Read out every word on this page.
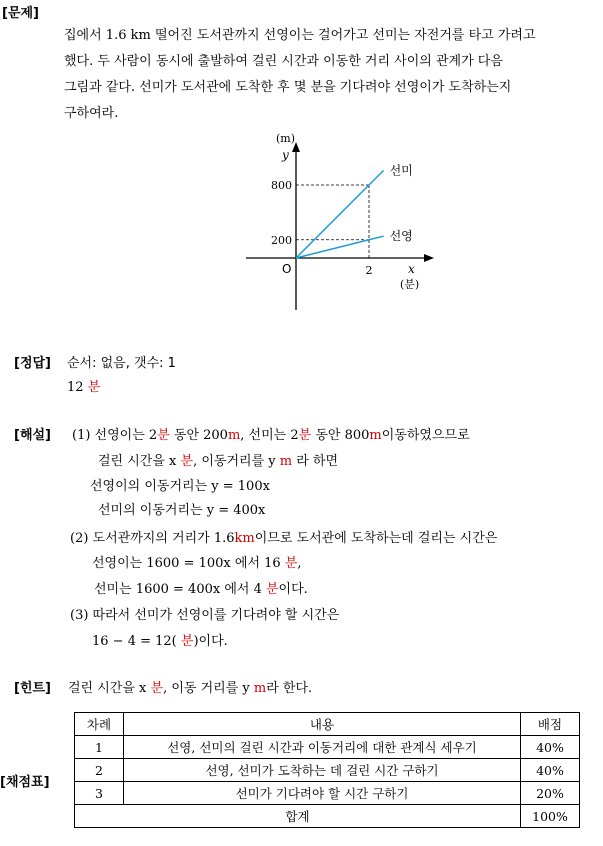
[문제]
집에서 1.6 km 떨어진 도서관까지 선영이는 걸어가고 선미는 자전거를 타고 가려고
했다. 두 사람이 동시에 출발하여 걸린 시간과 이동한 거리 사이의 관계가 다음
그림과 같다. 선미가 도서관에 도착한 후 몇 분을 기다려야 선영이가 도착하는지
구하여라.
800
200
2
선미
선영
(m)
y
O	x
(분)
[정답] 순서: 없음, 갯수: 1
12 분
[해설] (1) 선영이는 2분 동안 200m, 선미는 2분 동안 800m이동하였으므로
걸린 시간을 x 분, 이동거리를 y m 라 하면
선영이의 이동거리는 y = 100x
선미의 이동거리는 y = 400x
(2) 도서관까지의 거리가 1.6km이므로 도서관에 도착하는데 걸리는 시간은
선영이는 1600 = 100x 에서 16 분,
선미는 1600 = 400x 에서 4 분이다.
(3) 따라서 선미가 선영이를 기다려야 할 시간은
16 − 4 = 12( 분)이다.
[힌트] 걸린 시간을 x 분, 이동 거리를 y m라 한다.
[채점표]
차례	내용	배점
1	선영, 선미의 걸린 시간과 이동거리에 대한 관계식 세우기	40%
2	선영, 선미가 도착하는 데 걸린 시간 구하기	40%
3	선미가 기다려야 할 시간 구하기	20%
합계		100%
